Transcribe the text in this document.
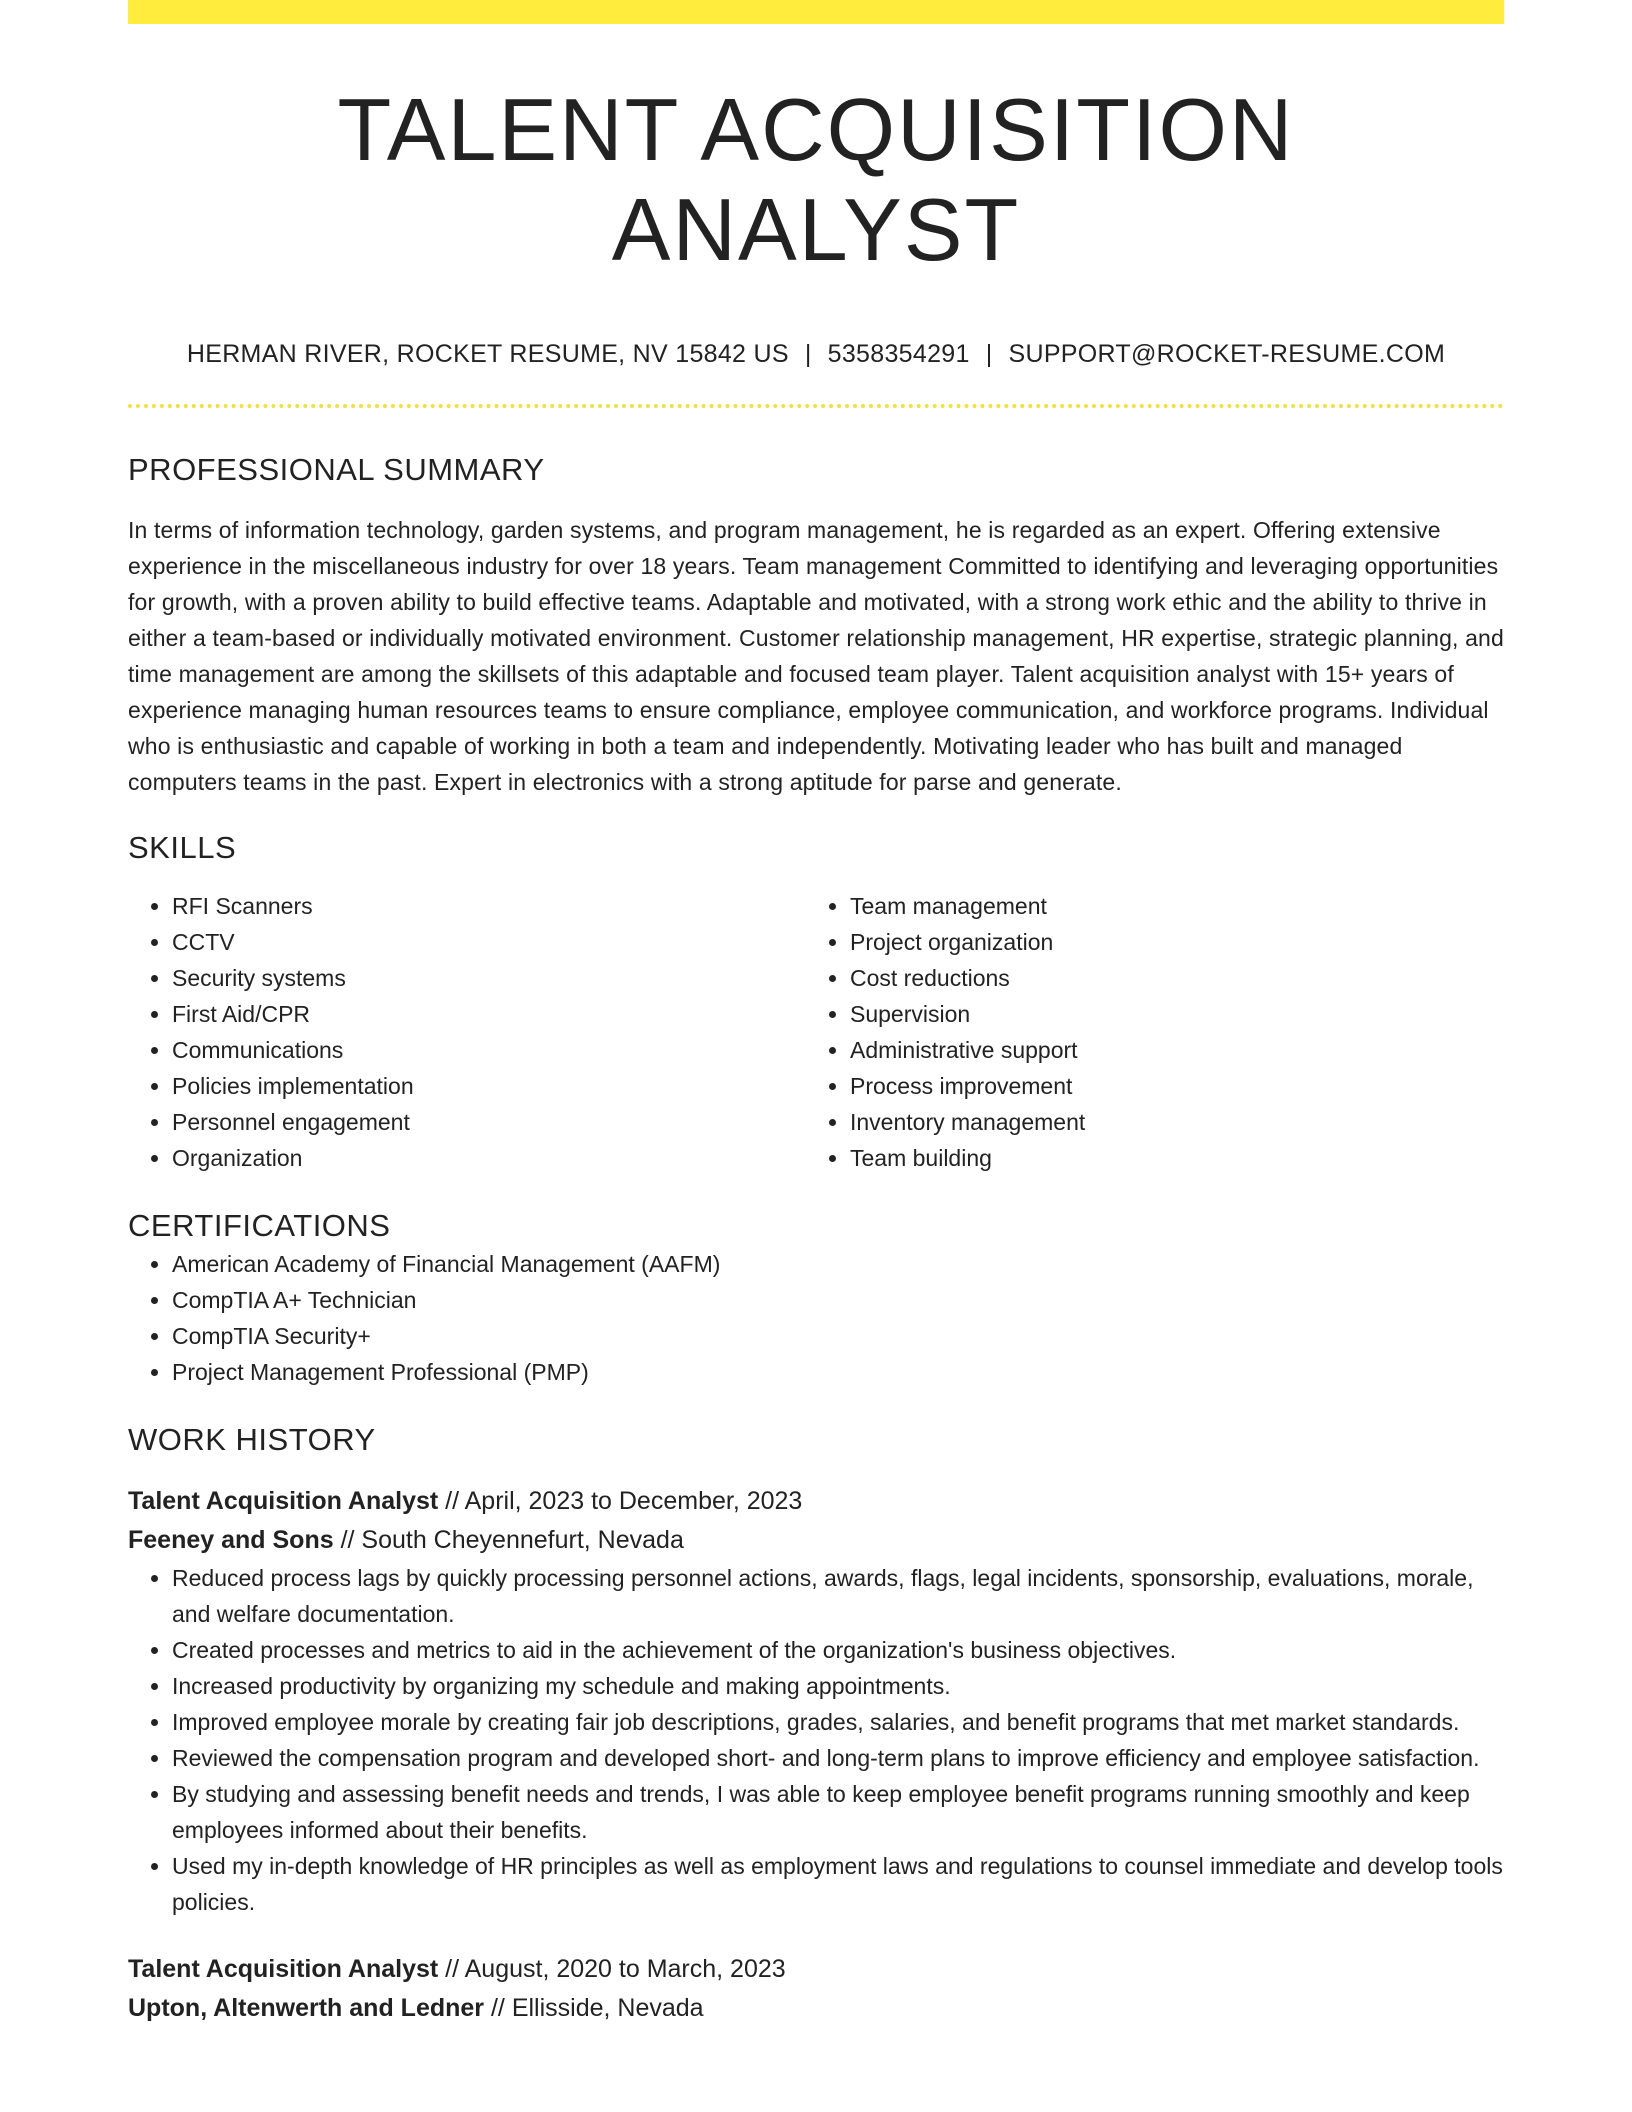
TALENT ACQUISITION ANALYST
HERMAN RIVER, ROCKET RESUME, NV 15842 US | 5358354291 | SUPPORT@ROCKET-RESUME.COM
PROFESSIONAL SUMMARY

In terms of information technology, garden systems, and program management, he is regarded as an expert. Offering extensive experience in the miscellaneous industry for over 18 years. Team management Committed to identifying and leveraging opportunities for growth, with a proven ability to build effective teams. Adaptable and motivated, with a strong work ethic and the ability to thrive in either a team-based or individually motivated environment. Customer relationship management, HR expertise, strategic planning, and time management are among the skillsets of this adaptable and focused team player. Talent acquisition analyst with 15+ years of experience managing human resources teams to ensure compliance, employee communication, and workforce programs. Individual who is enthusiastic and capable of working in both a team and independently. Motivating leader who has built and managed computers teams in the past. Expert in electronics with a strong aptitude for parse and generate.

SKILLS
• RFI Scanners
• CCTV
• Security systems
• First Aid/CPR
• Communications
• Policies implementation
• Personnel engagement
• Organization
• Team management
• Project organization
• Cost reductions
• Supervision
• Administrative support
• Process improvement
• Inventory management
• Team building
CERTIFICATIONS
• American Academy of Financial Management (AAFM)
• CompTIA A+ Technician
• CompTIA Security+
• Project Management Professional (PMP)
WORK HISTORY
Talent Acquisition Analyst // April, 2023 to December, 2023
Feeney and Sons // South Cheyennefurt, Nevada
• Reduced process lags by quickly processing personnel actions, awards, flags, legal incidents, sponsorship, evaluations, morale, and welfare documentation.
• Created processes and metrics to aid in the achievement of the organization's business objectives.
• Increased productivity by organizing my schedule and making appointments.
• Improved employee morale by creating fair job descriptions, grades, salaries, and benefit programs that met market standards.
• Reviewed the compensation program and developed short- and long-term plans to improve efficiency and employee satisfaction.
• By studying and assessing benefit needs and trends, I was able to keep employee benefit programs running smoothly and keep employees informed about their benefits.
• Used my in-depth knowledge of HR principles as well as employment laws and regulations to counsel immediate and develop tools policies.
Talent Acquisition Analyst // August, 2020 to March, 2023
Upton, Altenwerth and Ledner // Ellisside, Nevada
